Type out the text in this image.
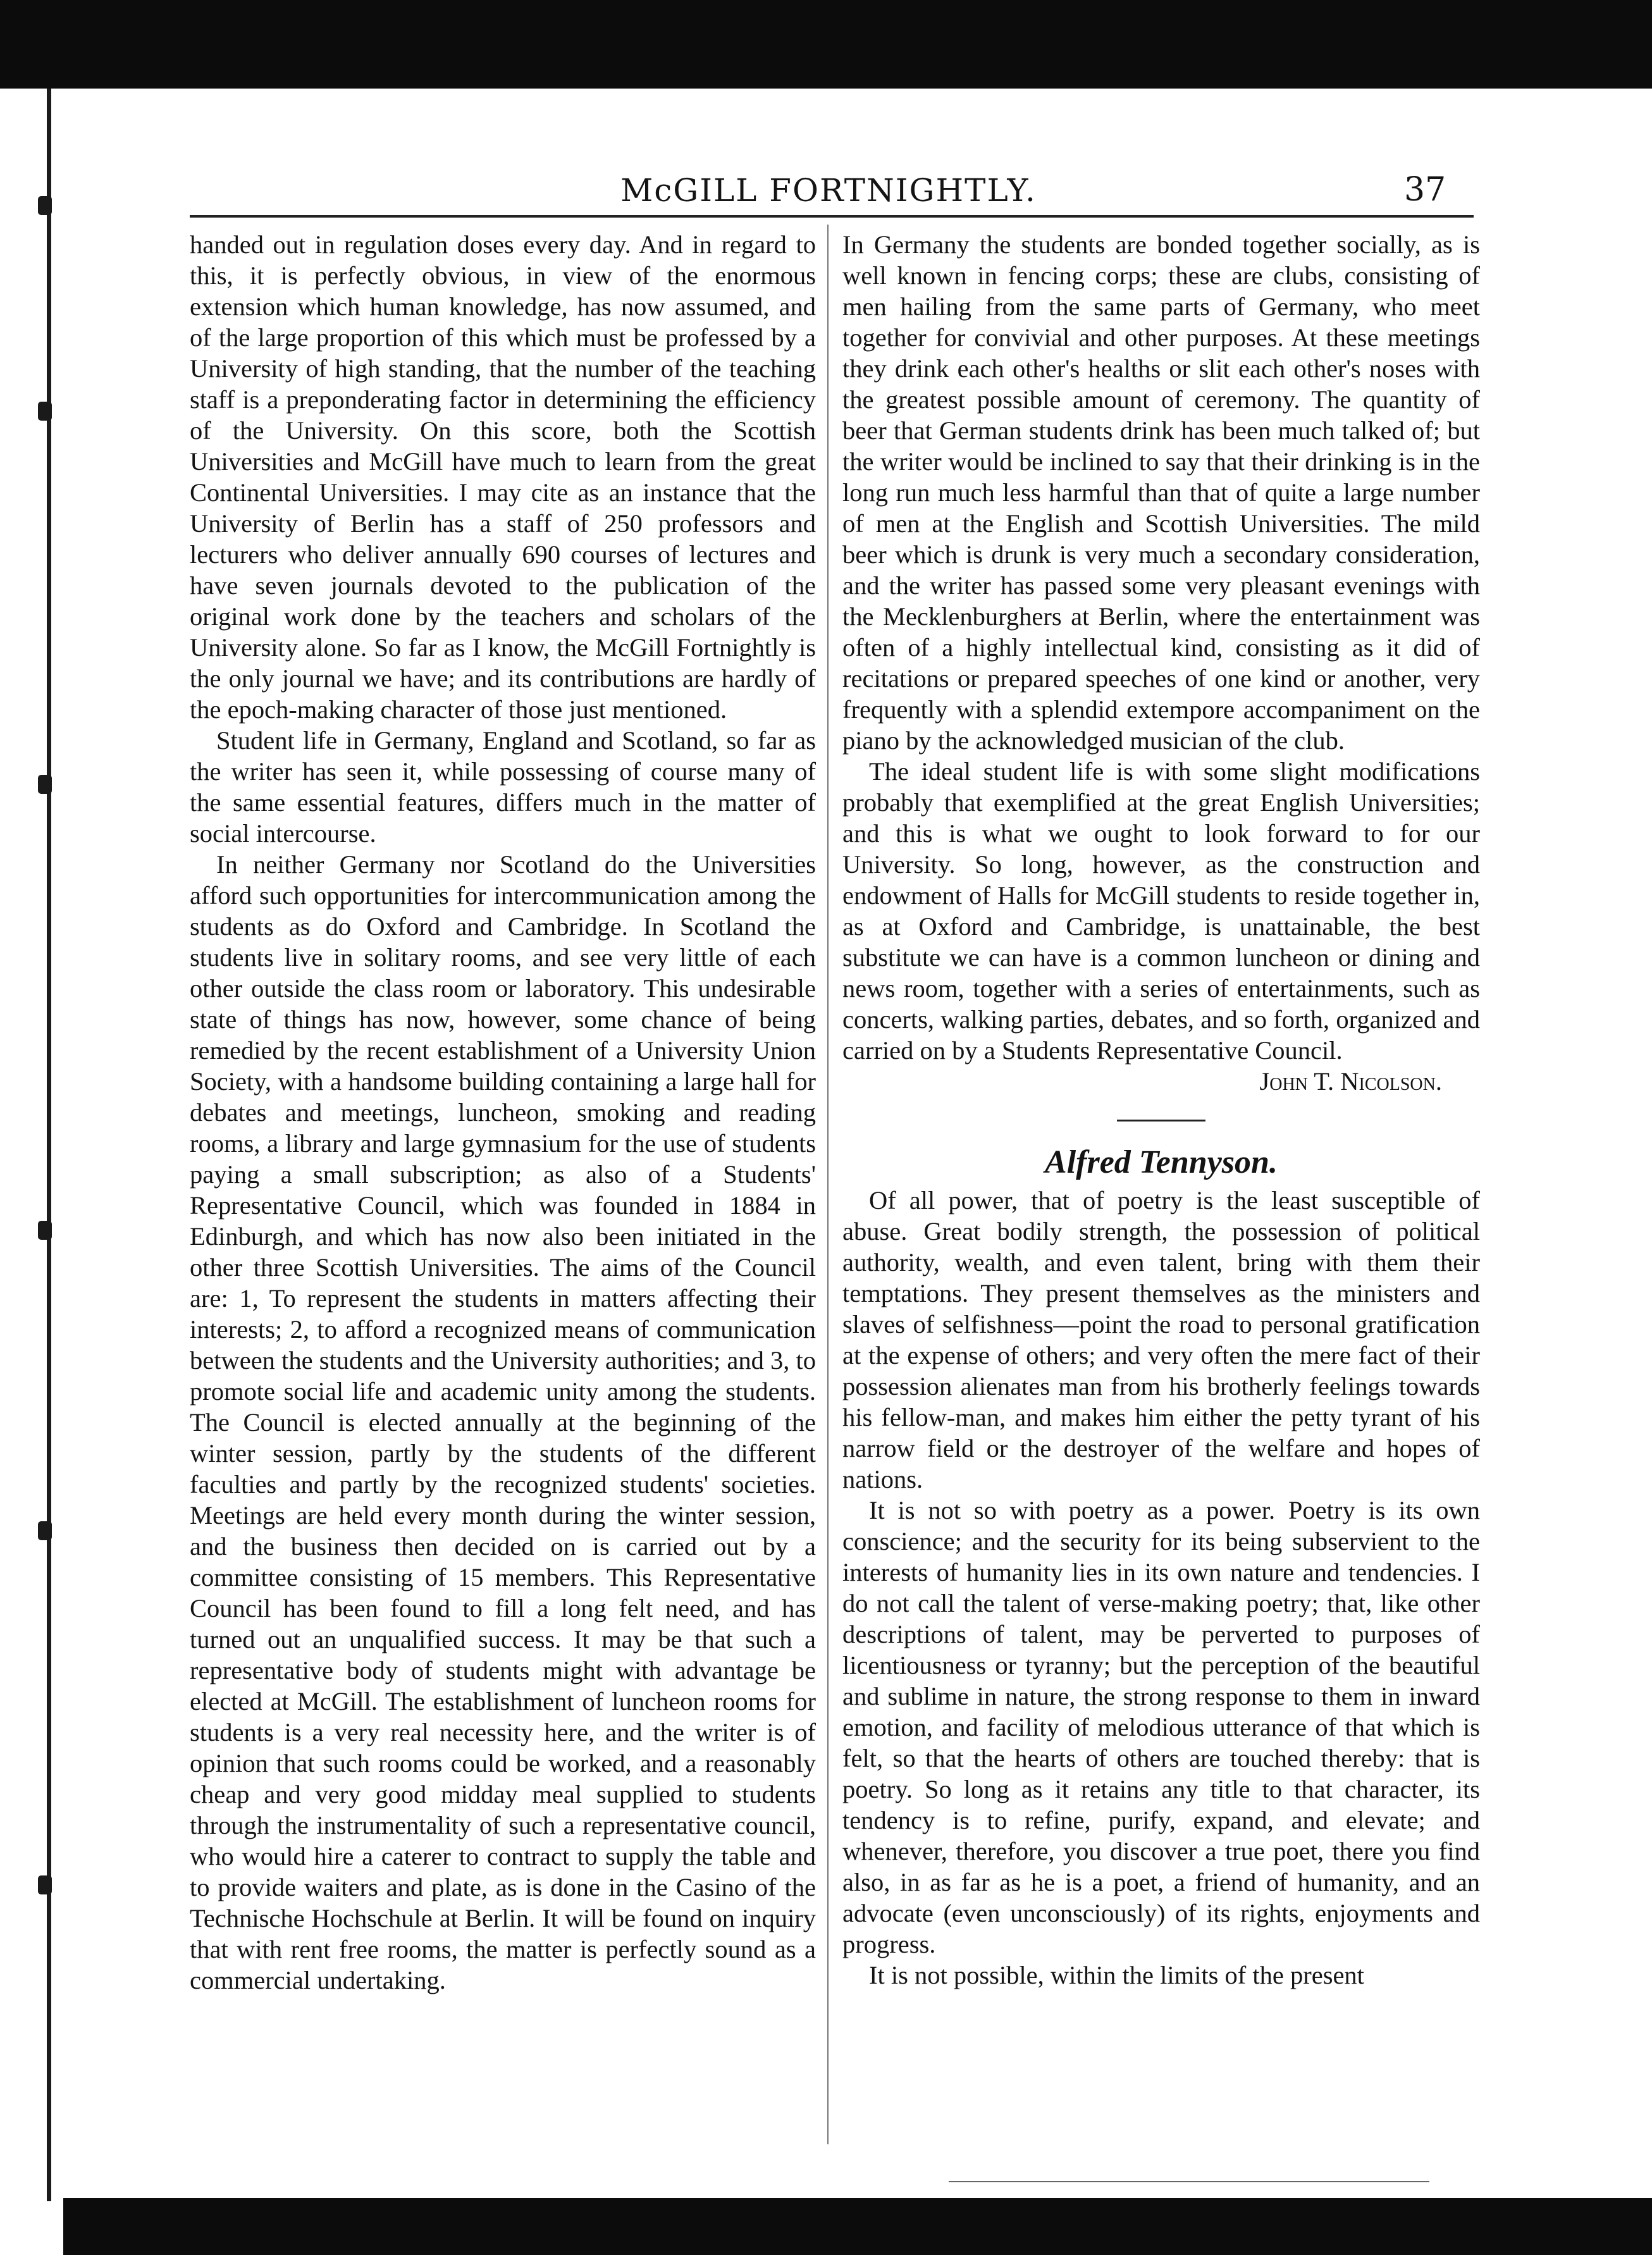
McGILL FORTNIGHTLY.	37

handed out in regulation doses every day. And in regard to this, it is perfectly obvious, in view of the enormous extension which human knowledge, has now assumed, and of the large proportion of this which must be professed by a University of high standing, that the number of the teaching staff is a preponderating factor in determining the efficiency of the University. On this score, both the Scottish Universities and McGill have much to learn from the great Continental Universities. I may cite as an instance that the University of Berlin has a staff of 250 professors and lecturers who deliver annually 690 courses of lectures and have seven journals devoted to the publication of the original work done by the teachers and scholars of the University alone. So far as I know, the McGill Fortnightly is the only journal we have; and its contributions are hardly of the epoch-making character of those just mentioned.

Student life in Germany, England and Scotland, so far as the writer has seen it, while possessing of course many of the same essential features, differs much in the matter of social intercourse.

In neither Germany nor Scotland do the Universities afford such opportunities for intercommunication among the students as do Oxford and Cambridge. In Scotland the students live in solitary rooms, and see very little of each other outside the class room or laboratory. This undesirable state of things has now, however, some chance of being remedied by the recent establishment of a University Union Society, with a handsome building containing a large hall for debates and meetings, luncheon, smoking and reading rooms, a library and large gymnasium for the use of students paying a small subscription; as also of a Students' Representative Council, which was founded in 1884 in Edinburgh, and which has now also been initiated in the other three Scottish Universities. The aims of the Council are: 1, To represent the students in matters affecting their interests; 2, to afford a recognized means of communication between the students and the University authorities; and 3, to promote social life and academic unity among the students. The Council is elected annually at the beginning of the winter session, partly by the students of the different faculties and partly by the recognized students' societies. Meetings are held every month during the winter session, and the business then decided on is carried out by a committee consisting of 15 members. This Representative Council has been found to fill a long felt need, and has turned out an unqualified success. It may be that such a representative body of students might with advantage be elected at McGill. The establishment of luncheon rooms for students is a very real necessity here, and the writer is of opinion that such rooms could be worked, and a reasonably cheap and very good midday meal supplied to students through the instrumentality of such a representative council, who would hire a caterer to contract to supply the table and to provide waiters and plate, as is done in the Casino of the Technische Hochschule at Berlin. It will be found on inquiry that with rent free rooms, the matter is perfectly sound as a commercial undertaking.

In Germany the students are bonded together socially, as is well known in fencing corps; these are clubs, consisting of men hailing from the same parts of Germany, who meet together for convivial and other purposes. At these meetings they drink each other's healths or slit each other's noses with the greatest possible amount of ceremony. The quantity of beer that German students drink has been much talked of; but the writer would be inclined to say that their drinking is in the long run much less harmful than that of quite a large number of men at the English and Scottish Universities. The mild beer which is drunk is very much a secondary consideration, and the writer has passed some very pleasant evenings with the Mecklenburghers at Berlin, where the entertainment was often of a highly intellectual kind, consisting as it did of recitations or prepared speeches of one kind or another, very frequently with a splendid extempore accompaniment on the piano by the acknowledged musician of the club.

The ideal student life is with some slight modifications probably that exemplified at the great English Universities; and this is what we ought to look forward to for our University. So long, however, as the construction and endowment of Halls for McGill students to reside together in, as at Oxford and Cambridge, is unattainable, the best substitute we can have is a common luncheon or dining and news room, together with a series of entertainments, such as concerts, walking parties, debates, and so forth, organized and carried on by a Students Representative Council.

John T. Nicolson.

Alfred Tennyson.

Of all power, that of poetry is the least susceptible of abuse. Great bodily strength, the possession of political authority, wealth, and even talent, bring with them their temptations. They present themselves as the ministers and slaves of selfishness—point the road to personal gratification at the expense of others; and very often the mere fact of their possession alienates man from his brotherly feelings towards his fellow-man, and makes him either the petty tyrant of his narrow field or the destroyer of the welfare and hopes of nations.

It is not so with poetry as a power. Poetry is its own conscience; and the security for its being subservient to the interests of humanity lies in its own nature and tendencies. I do not call the talent of verse-making poetry; that, like other descriptions of talent, may be perverted to purposes of licentiousness or tyranny; but the perception of the beautiful and sublime in nature, the strong response to them in inward emotion, and facility of melodious utterance of that which is felt, so that the hearts of others are touched thereby: that is poetry. So long as it retains any title to that character, its tendency is to refine, purify, expand, and elevate; and whenever, therefore, you discover a true poet, there you find also, in as far as he is a poet, a friend of humanity, and an advocate (even unconsciously) of its rights, enjoyments and progress.

It is not possible, within the limits of the present
